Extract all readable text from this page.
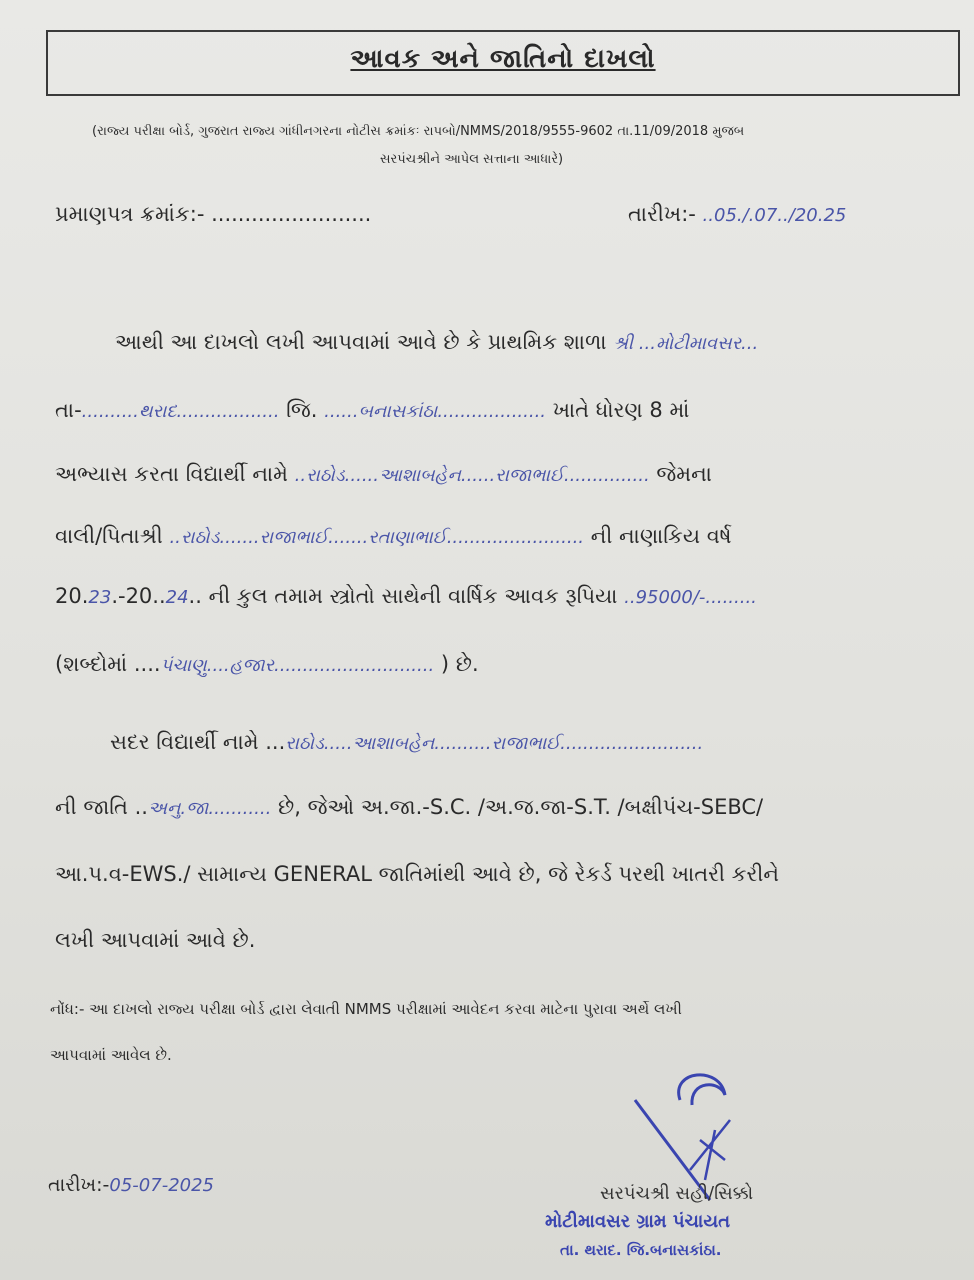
આવક અને જાતિનો દાખલો
(રાજ્ય પરીક્ષા બોર્ડ, ગુજરાત રાજ્ય ગાંધીનગરના નોટીસ ક્રમાંકઃ રાપબો/NMMS/2018/9555-9602 તા.11/09/2018 મુજબ
સરપંચશ્રીને આપેલ સત્તાના આધારે)
પ્રમાણપત્ર ક્રમાંક:- ........................	તારીખ:- ..05./.07../20.25
આથી આ દાખલો લખી આપવામાં આવે છે કે પ્રાથમિક શાળા શ્રી ...મોટીમાવસર...
તા-..........થરાદ.................. જિ. ......બનાસકાંઠા................... ખાતે ધોરણ 8 માં
અભ્યાસ કરતા વિદ્યાર્થી નામે ..રાઠોડ......આશાબહેન......રાજાભાઈ............... જેમના
વાલી/પિતાશ્રી ..રાઠોડ.......રાજાભાઈ.......રતાણાભાઈ........................ ની નાણાકિય વર્ષ
20.23.-20..24.. ની કુલ તમામ સ્ત્રોતો સાથેની વાર્ષિક આવક રૂપિયા ..95000/-.........
(શબ્દોમાં ....પંચાણુ....હજાર............................ ) છે.
સદર વિદ્યાર્થી નામે ...રાઠોડ.....આશાબહેન..........રાજાભાઈ.........................
ની જાતિ ..અનુ.જા........... છે, જેઓ અ.જા.-S.C. /અ.જ.જા-S.T. /બક્ષીપંચ-SEBC/
આ.પ.વ-EWS./ સામાન્ય GENERAL જાતિમાંથી આવે છે, જે રેકર્ડ પરથી ખાતરી કરીને
લખી આપવામાં આવે છે.
નોંધ:- આ દાખલો રાજ્ય પરીક્ષા બોર્ડ દ્વારા લેવાતી NMMS પરીક્ષામાં આવેદન કરવા માટેના પુરાવા અર્થે લખી
આપવામાં આવેલ છે.
તારીખ:-05-07-2025	સરપંચશ્રી સહી/સિક્કો
મોટીમાવસર ગ્રામ પંચાયત
તા. થરાદ. જિ.બનાસકાંઠા.
